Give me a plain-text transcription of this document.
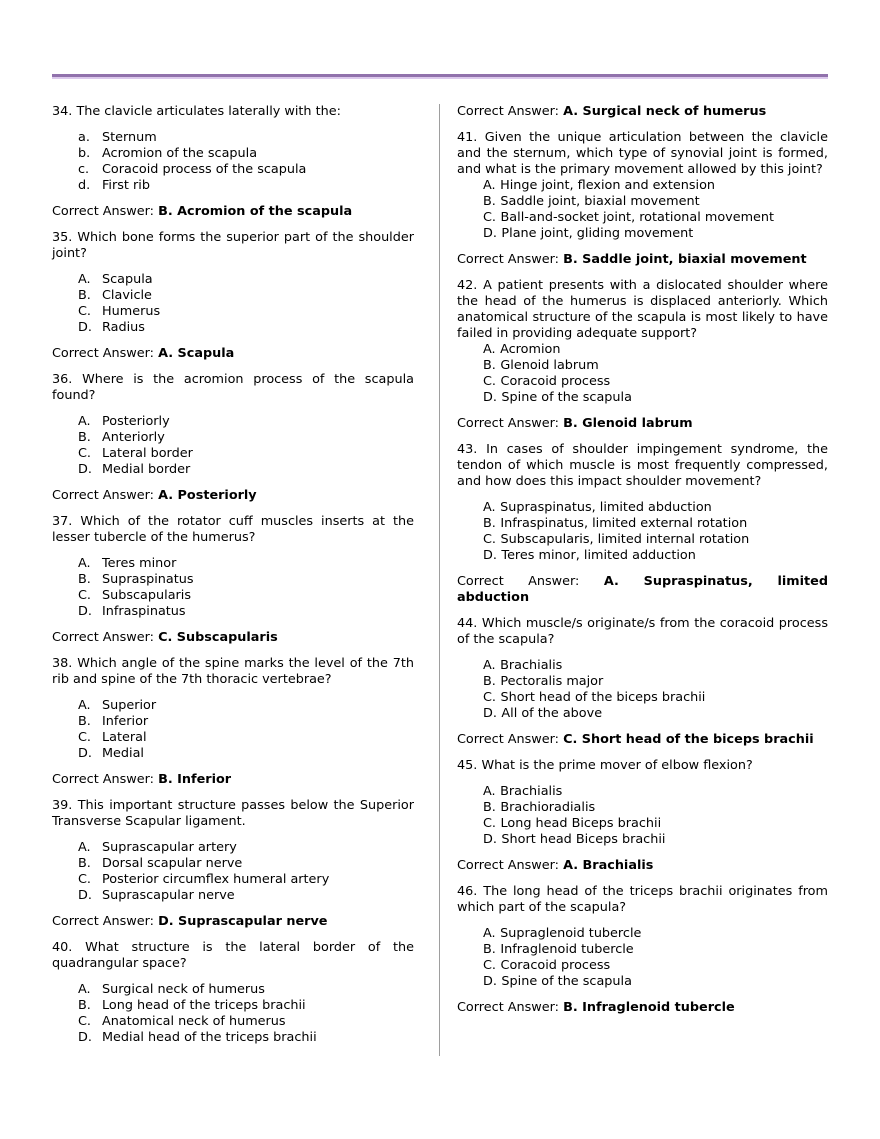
34. The clavicle articulates laterally with the:

a. Sternum
b. Acromion of the scapula
c.	Coracoid process of the scapula
d. First rib

Correct Answer: B. Acromion of the scapula

35. Which bone forms the superior part of the shoulder joint?

A. Scapula
B. Clavicle
C. Humerus
D. Radius

Correct Answer: A. Scapula

36. Where is the acromion process of the scapula found?

A. Posteriorly
B. Anteriorly
C. Lateral border
D. Medial border

Correct Answer: A. Posteriorly

37. Which of the rotator cuff muscles inserts at the lesser tubercle of the humerus?

A. Teres minor
B. Supraspinatus
C. Subscapularis
D. Infraspinatus

Correct Answer: C. Subscapularis

38. Which angle of the spine marks the level of the 7th rib and spine of the 7th thoracic vertebrae?

A. Superior
B. Inferior
C. Lateral
D. Medial

Correct Answer: B. Inferior

39. This important structure passes below the Superior Transverse Scapular ligament.

A. Suprascapular artery
B. Dorsal scapular nerve
C. Posterior circumflex humeral artery
D. Suprascapular nerve

Correct Answer: D. Suprascapular nerve

40. What structure is the lateral border of the quadrangular space?

A. Surgical neck of humerus
B. Long head of the triceps brachii
C. Anatomical neck of humerus
D. Medial head of the triceps brachii

Correct Answer: A. Surgical neck of humerus

41. Given the unique articulation between the clavicle and the sternum, which type of synovial joint is formed, and what is the primary movement allowed by this joint?

A. Hinge joint, flexion and extension
B. Saddle joint, biaxial movement
C. Ball-and-socket joint, rotational movement
D. Plane joint, gliding movement

Correct Answer: B. Saddle joint, biaxial movement

42. A patient presents with a dislocated shoulder where the head of the humerus is displaced anteriorly. Which anatomical structure of the scapula is most likely to have failed in providing adequate support?

A. Acromion
B. Glenoid labrum
C. Coracoid process
D. Spine of the scapula

Correct Answer: B. Glenoid labrum

43. In cases of shoulder impingement syndrome, the tendon of which muscle is most frequently compressed, and how does this impact shoulder movement?

A. Supraspinatus, limited abduction
B. Infraspinatus, limited external rotation
C. Subscapularis, limited internal rotation
D. Teres minor, limited adduction

Correct Answer: A. Supraspinatus, limited abduction

44. Which muscle/s originate/s from the coracoid process of the scapula?

A. Brachialis
B. Pectoralis major
C. Short head of the biceps brachii
D. All of the above

Correct Answer: C. Short head of the biceps brachii

45. What is the prime mover of elbow flexion?

A. Brachialis
B. Brachioradialis
C. Long head Biceps brachii
D. Short head Biceps brachii

Correct Answer: A. Brachialis

46. The long head of the triceps brachii originates from which part of the scapula?

A. Supraglenoid tubercle
B. Infraglenoid tubercle
C. Coracoid process
D. Spine of the scapula

Correct Answer: B. Infraglenoid tubercle
